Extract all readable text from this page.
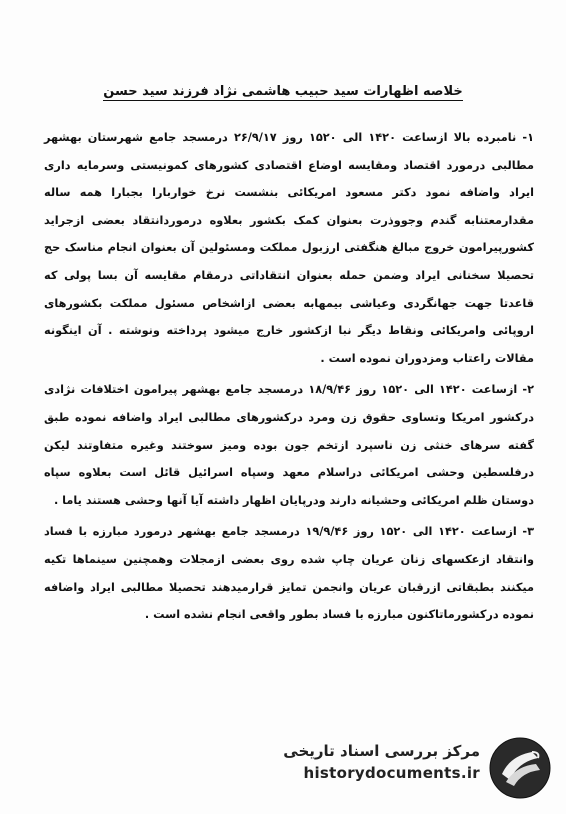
خلاصه اظهارات سید حبیب هاشمی نژاد فرزند سید حسن

۱- نامبرده بالا ازساعت ۱۴۲۰ الی ۱۵۲۰ روز ۲۶/۹/۱۷ درمسجد جامع شهرستان بهشهر مطالبی درمورد اقتصاد ومقایسه اوضاع اقتصادی کشورهای کمونیستی وسرمایه داری ایراد واضافه نمود دکتر مسعود امریکائی بنشست نرخ خواربارا بجبارا همه ساله مقدارمعتنابه گندم وجووذرت بعنوان کمک بکشور بعلاوه درموردانتقاد بعضی ازجراید کشورپیرامون خروج مبالغ هنگفتی ارزبول مملکت ومسئولین آن بعنوان انجام مناسک حج تحصیلا سخنانی ایراد وضمن حمله بعنوان انتقاداتی درمقام مقایسه آن بسا پولی که قاعدتا جهت جهانگردی وعیاشی بیمهابه بعضی ازاشخاص مسئول مملکت بکشورهای اروپائی وامریکائی ونقاط دیگر نبا ازکشور خارج میشود پرداخته ونوشته . آن اینگونه مقالات راعتاب ومزدوران نموده است .

۲- ازساعت ۱۴۲۰ الی ۱۵۲۰ روز ۱۸/۹/۴۶ درمسجد جامع بهشهر پیرامون اختلافات نژادی درکشور امریکا وتساوی حقوق زن ومرد درکشورهای مطالبی ایراد واضافه نموده طبق گفته سرهای خنثی زن ناسپرد ازتخم جون بوده ومیز سوختند وغیره متفاوتند لیکن درفلسطین وحشی امریکائی دراسلام معهد وسپاه اسرائیل قائل است بعلاوه سپاه دوستان ظلم امریکائی وحشیانه دارند ودرپایان اظهار داشته آیا آنها وحشی هستند یاما .

۳- ازساعت ۱۴۲۰ الی ۱۵۲۰ روز ۱۹/۹/۴۶ درمسجد جامع بهشهر درمورد مبارزه با فساد وانتقاد ازعکسهای زنان عریان چاپ شده روی بعضی ازمجلات وهمچنین سینماها تکیه میکنند بطبقاتی ازرقبان عریان وانجمن تمایز قرارمیدهند تحصیلا مطالبی ایراد واضافه نموده درکشورماتاکنون مبارزه با فساد بطور واقعی انجام نشده است .

مرکز بررسی اسناد تاریخی
historydocuments.ir
